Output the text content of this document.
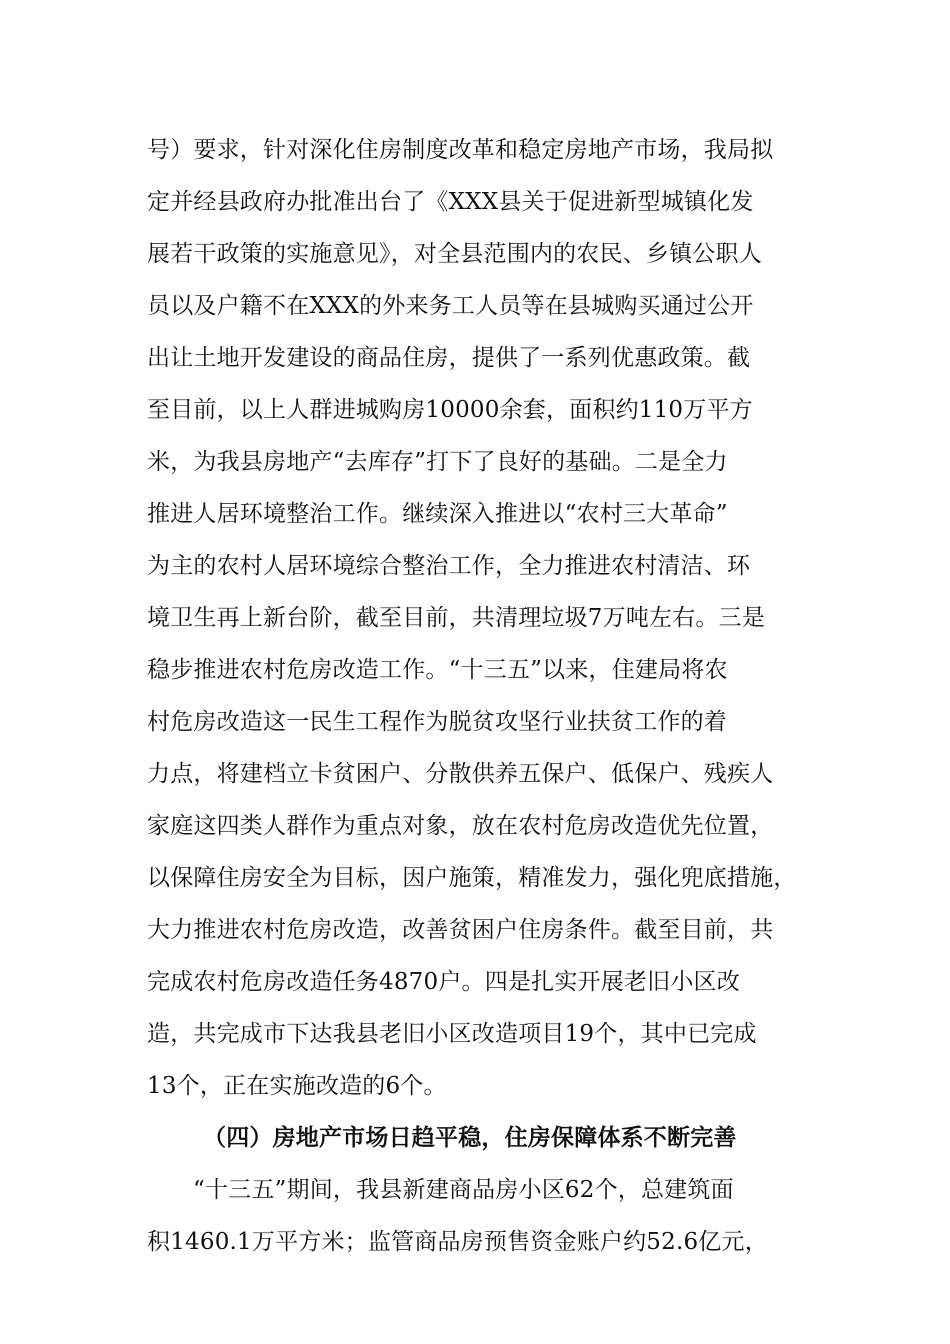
号）要求，针对深化住房制度改革和稳定房地产市场，我局拟
定并经县政府办批准出台了《XXX县关于促进新型城镇化发
展若干政策的实施意见》，对全县范围内的农民、乡镇公职人
员以及户籍不在XXX的外来务工人员等在县城购买通过公开
出让土地开发建设的商品住房，提供了一系列优惠政策。截
至目前，以上人群进城购房10000余套，面积约110万平方
米，为我县房地产“去库存”打下了良好的基础。二是全力
推进人居环境整治工作。继续深入推进以“农村三大革命”
为主的农村人居环境综合整治工作，全力推进农村清洁、环
境卫生再上新台阶，截至目前，共清理垃圾7万吨左右。三是
稳步推进农村危房改造工作。“十三五”以来，住建局将农
村危房改造这一民生工程作为脱贫攻坚行业扶贫工作的着
力点，将建档立卡贫困户、分散供养五保户、低保户、残疾人
家庭这四类人群作为重点对象，放在农村危房改造优先位置，
以保障住房安全为目标，因户施策，精准发力，强化兜底措施，
大力推进农村危房改造，改善贫困户住房条件。截至目前，共
完成农村危房改造任务4870户。四是扎实开展老旧小区改
造，共完成市下达我县老旧小区改造项目19个，其中已完成
13个，正在实施改造的6个。
（四）房地产市场日趋平稳，住房保障体系不断完善
“十三五”期间，我县新建商品房小区62个，总建筑面
积1460.1万平方米；监管商品房预售资金账户约52.6亿元，
